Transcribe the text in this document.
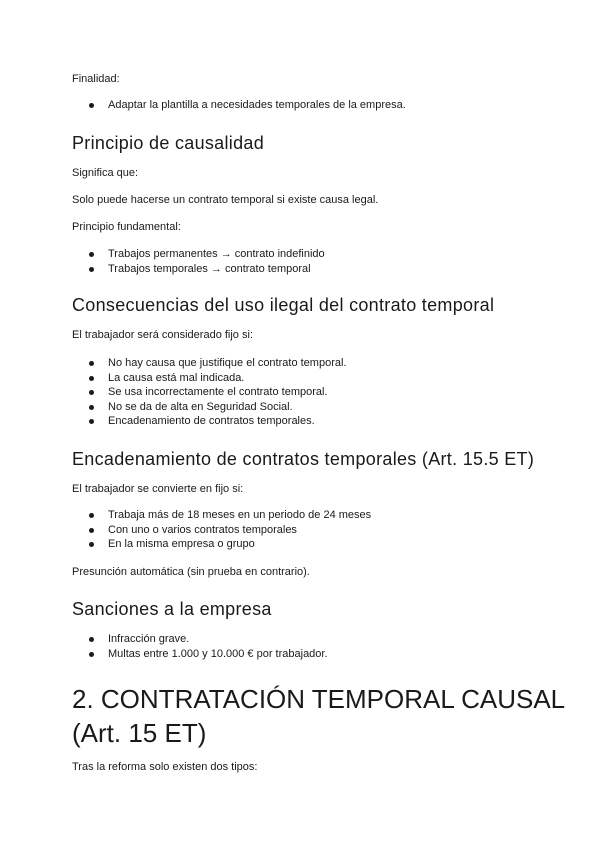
Finalidad:

Adaptar la plantilla a necesidades temporales de la empresa.
Principio de causalidad

Significa que:

Solo puede hacerse un contrato temporal si existe causa legal.

Principio fundamental:

Trabajos permanentes → contrato indefinido
Trabajos temporales → contrato temporal
Consecuencias del uso ilegal del contrato temporal

El trabajador será considerado fijo si:

No hay causa que justifique el contrato temporal.
La causa está mal indicada.
Se usa incorrectamente el contrato temporal.
No se da de alta en Seguridad Social.
Encadenamiento de contratos temporales.
Encadenamiento de contratos temporales (Art. 15.5 ET)

El trabajador se convierte en fijo si:

Trabaja más de 18 meses en un periodo de 24 meses
Con uno o varios contratos temporales
En la misma empresa o grupo

Presunción automática (sin prueba en contrario).

Sanciones a la empresa
Infracción grave.
Multas entre 1.000 y 10.000 € por trabajador.
2. CONTRATACIÓN TEMPORAL CAUSAL
(Art. 15 ET)

Tras la reforma solo existen dos tipos:
